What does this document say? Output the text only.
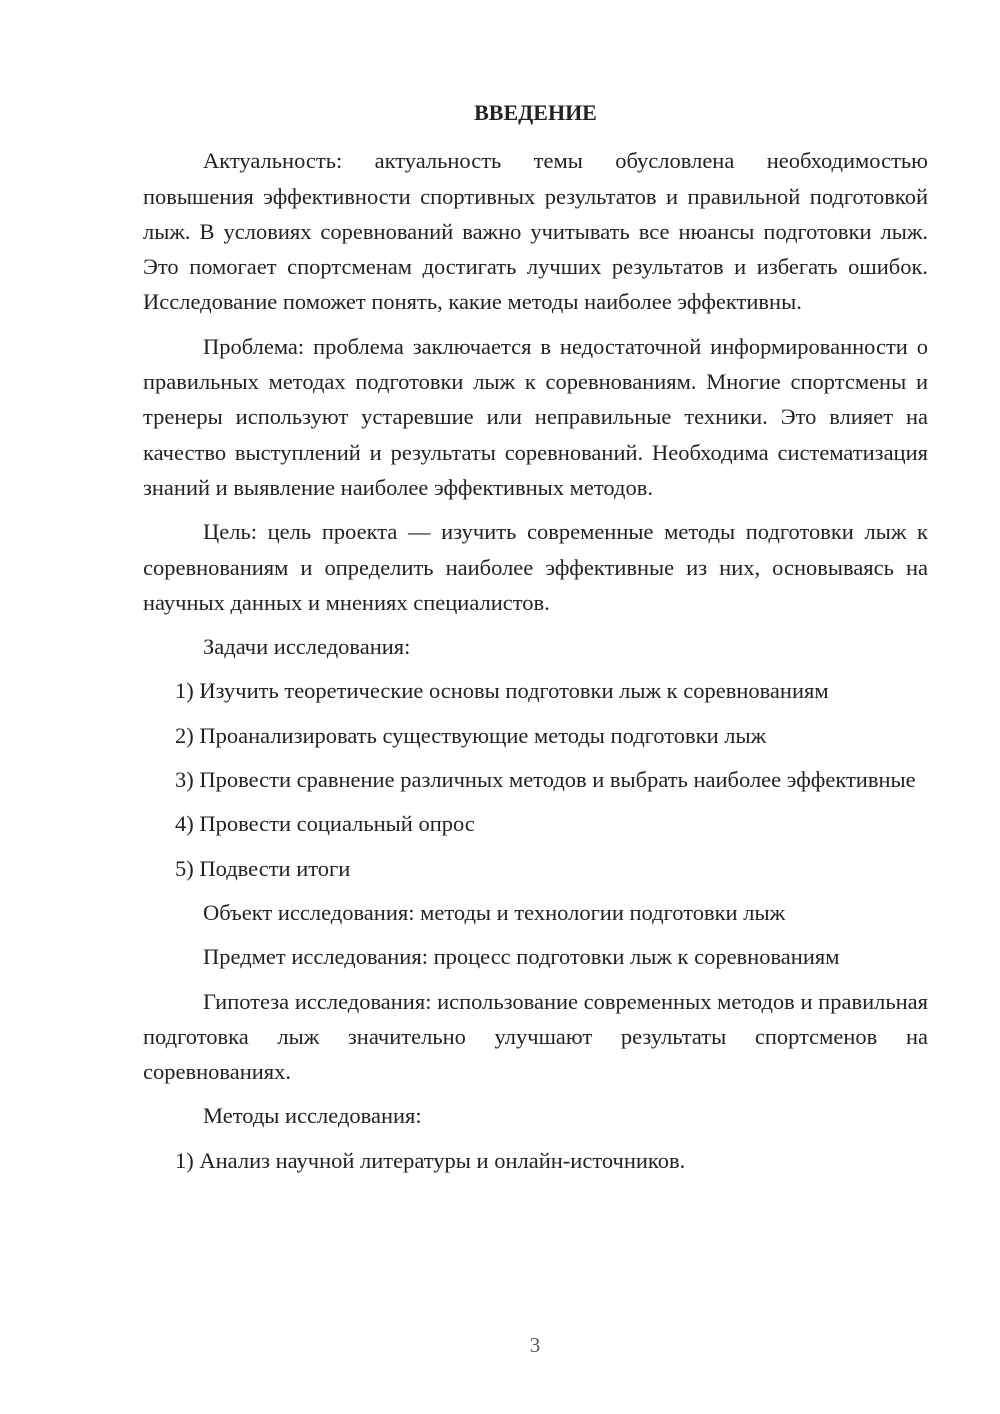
ВВЕДЕНИЕ
Актуальность: актуальность темы обусловлена необходимостью повышения эффективности спортивных результатов и правильной подготовкой лыж. В условиях соревнований важно учитывать все нюансы подготовки лыж. Это помогает спортсменам достигать лучших результатов и избегать ошибок. Исследование поможет понять, какие методы наиболее эффективны.
Проблема: проблема заключается в недостаточной информированности о правильных методах подготовки лыж к соревнованиям. Многие спортсмены и тренеры используют устаревшие или неправильные техники. Это влияет на качество выступлений и результаты соревнований. Необходима систематизация знаний и выявление наиболее эффективных методов.
Цель: цель проекта — изучить современные методы подготовки лыж к соревнованиям и определить наиболее эффективные из них, основываясь на научных данных и мнениях специалистов.
Задачи исследования:
1) Изучить теоретические основы подготовки лыж к соревнованиям
2) Проанализировать существующие методы подготовки лыж
3) Провести сравнение различных методов и выбрать наиболее эффективные
4) Провести социальный опрос
5) Подвести итоги
Объект исследования: методы и технологии подготовки лыж
Предмет исследования: процесс подготовки лыж к соревнованиям
Гипотеза исследования: использование современных методов и правильная подготовка лыж значительно улучшают результаты спортсменов на соревнованиях.
Методы исследования:
1) Анализ научной литературы и онлайн-источников.
3
